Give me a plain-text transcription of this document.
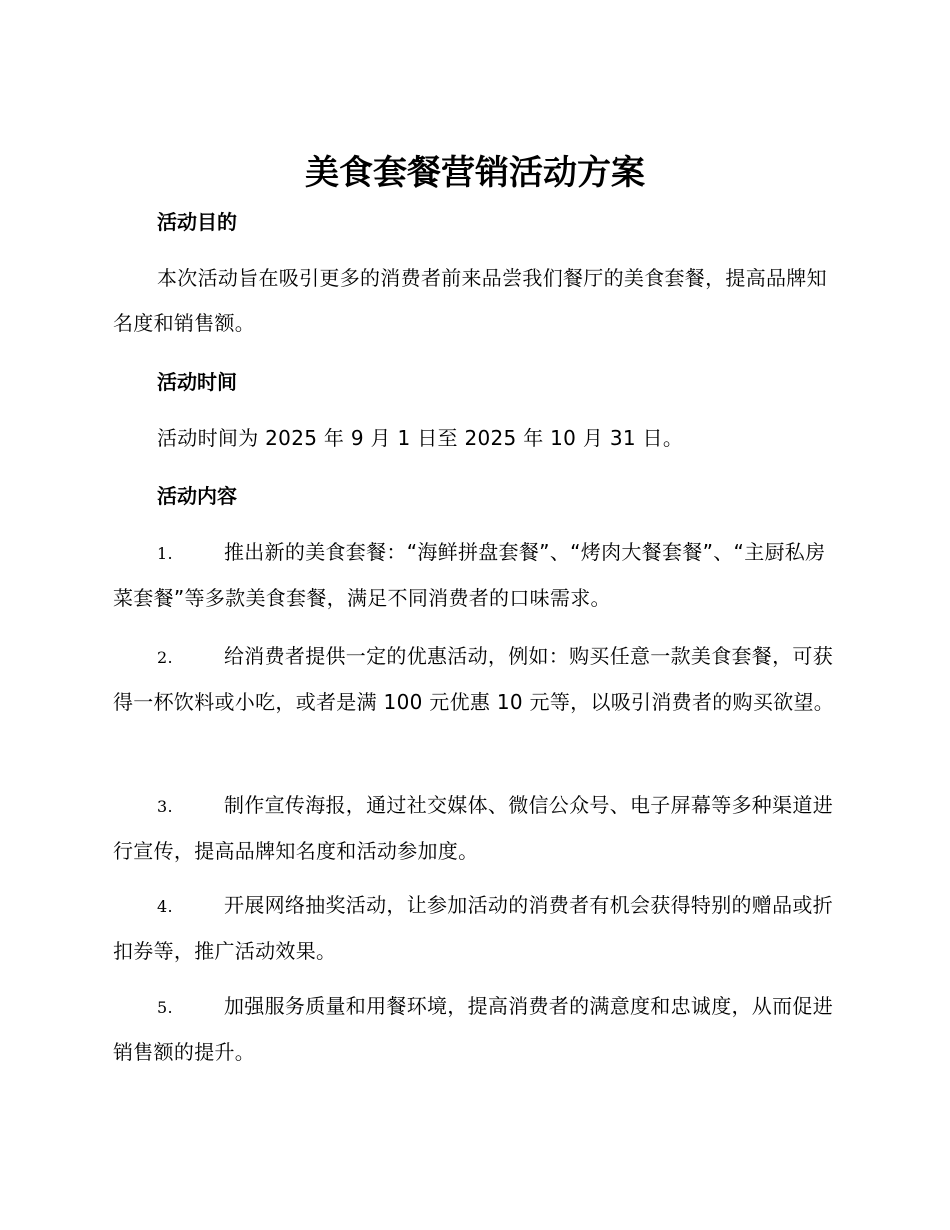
美食套餐营销活动方案
活动目的

本次活动旨在吸引更多的消费者前来品尝我们餐厅的美食套餐，提高品牌知名度和销售额。

活动时间

活动时间为 2025 年 9 月 1 日至 2025 年 10 月 31 日。

活动内容

1.	推出新的美食套餐：“海鲜拼盘套餐”、“烤肉大餐套餐”、“主厨私房菜套餐”等多款美食套餐，满足不同消费者的口味需求。

2.	给消费者提供一定的优惠活动，例如：购买任意一款美食套餐，可获得一杯饮料或小吃，或者是满 100 元优惠 10 元等，以吸引消费者的购买欲望。

3.	制作宣传海报，通过社交媒体、微信公众号、电子屏幕等多种渠道进行宣传，提高品牌知名度和活动参加度。

4.	开展网络抽奖活动，让参加活动的消费者有机会获得特别的赠品或折扣券等，推广活动效果。

5.	加强服务质量和用餐环境，提高消费者的满意度和忠诚度，从而促进销售额的提升。
